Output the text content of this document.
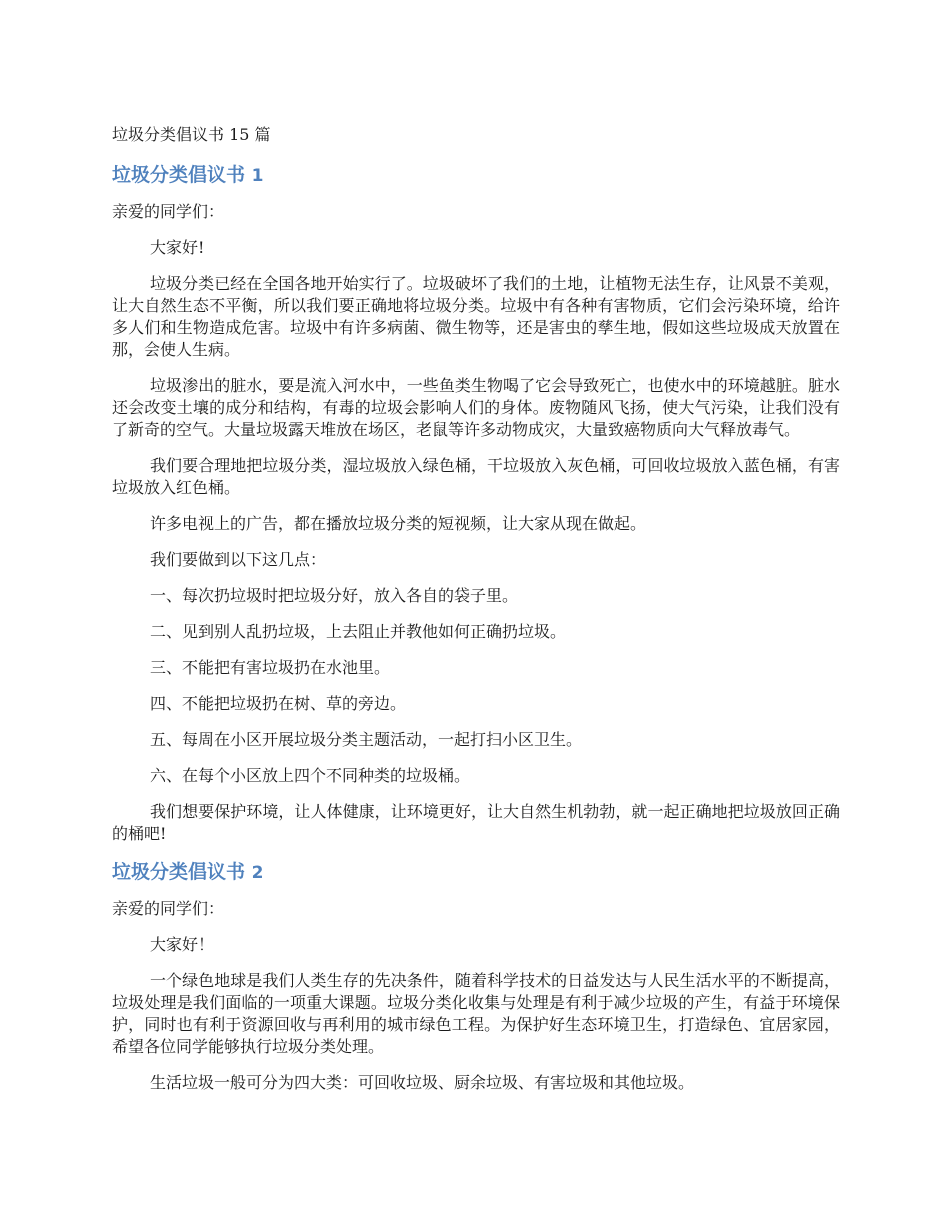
垃圾分类倡议书 15 篇

垃圾分类倡议书 1

亲爱的同学们：

大家好!

垃圾分类已经在全国各地开始实行了。垃圾破坏了我们的土地，让植物无法生存，让风景不美观，让大自然生态不平衡，所以我们要正确地将垃圾分类。垃圾中有各种有害物质，它们会污染环境，给许多人们和生物造成危害。垃圾中有许多病菌、微生物等，还是害虫的孳生地，假如这些垃圾成天放置在那，会使人生病。

垃圾渗出的脏水，要是流入河水中，一些鱼类生物喝了它会导致死亡，也使水中的环境越脏。脏水还会改变土壤的成分和结构，有毒的垃圾会影响人们的身体。废物随风飞扬，使大气污染，让我们没有了新奇的空气。大量垃圾露天堆放在场区，老鼠等许多动物成灾，大量致癌物质向大气释放毒气。

我们要合理地把垃圾分类，湿垃圾放入绿色桶，干垃圾放入灰色桶，可回收垃圾放入蓝色桶，有害垃圾放入红色桶。

许多电视上的广告，都在播放垃圾分类的短视频，让大家从现在做起。

我们要做到以下这几点：

一、每次扔垃圾时把垃圾分好，放入各自的袋子里。

二、见到别人乱扔垃圾，上去阻止并教他如何正确扔垃圾。

三、不能把有害垃圾扔在水池里。

四、不能把垃圾扔在树、草的旁边。

五、每周在小区开展垃圾分类主题活动，一起打扫小区卫生。

六、在每个小区放上四个不同种类的垃圾桶。

我们想要保护环境，让人体健康，让环境更好，让大自然生机勃勃，就一起正确地把垃圾放回正确的桶吧!

垃圾分类倡议书 2

亲爱的同学们：

大家好！

一个绿色地球是我们人类生存的先决条件，随着科学技术的日益发达与人民生活水平的不断提高，垃圾处理是我们面临的一项重大课题。垃圾分类化收集与处理是有利于减少垃圾的产生，有益于环境保护，同时也有利于资源回收与再利用的城市绿色工程。为保护好生态环境卫生，打造绿色、宜居家园，希望各位同学能够执行垃圾分类处理。

生活垃圾一般可分为四大类：可回收垃圾、厨余垃圾、有害垃圾和其他垃圾。
